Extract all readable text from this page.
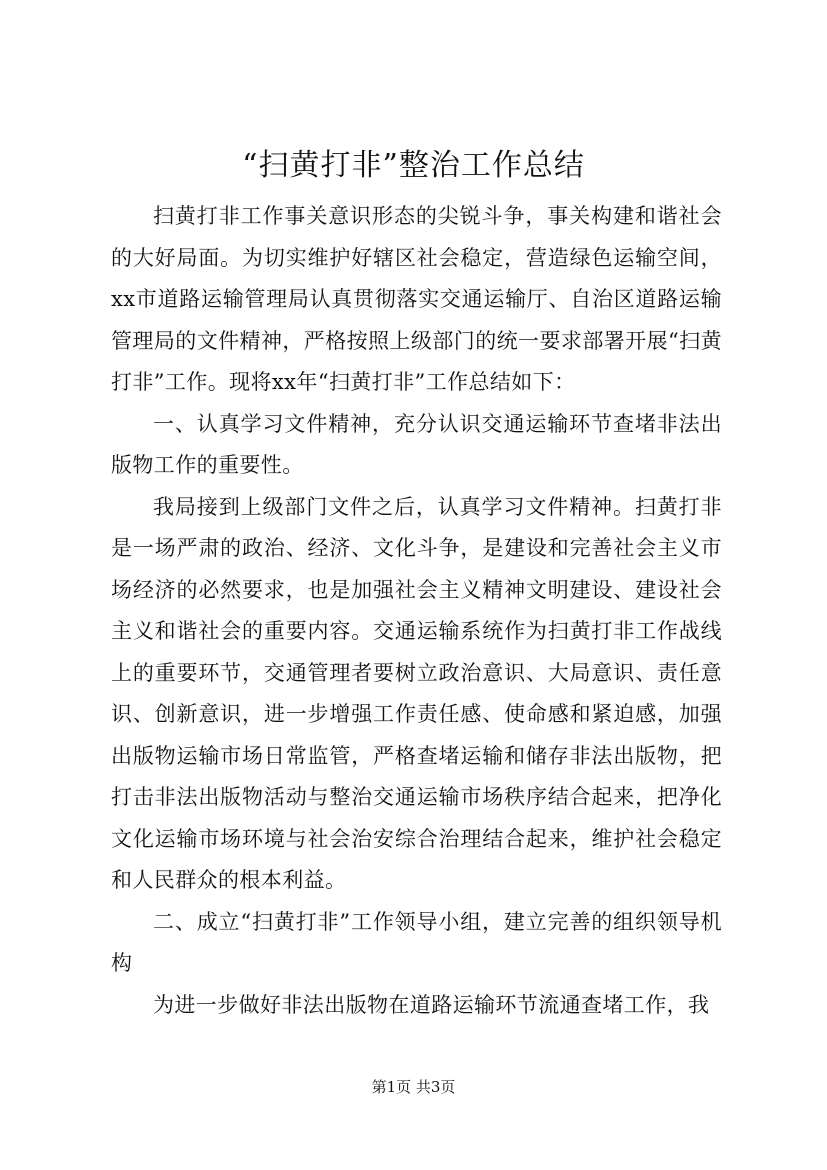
“扫黄打非”整治工作总结

扫黄打非工作事关意识形态的尖锐斗争，事关构建和谐社会的大好局面。为切实维护好辖区社会稳定，营造绿色运输空间，xx市道路运输管理局认真贯彻落实交通运输厅、自治区道路运输管理局的文件精神，严格按照上级部门的统一要求部署开展“扫黄打非”工作。现将xx年“扫黄打非”工作总结如下：

一、认真学习文件精神，充分认识交通运输环节查堵非法出版物工作的重要性。

我局接到上级部门文件之后，认真学习文件精神。扫黄打非是一场严肃的政治、经济、文化斗争，是建设和完善社会主义市场经济的必然要求，也是加强社会主义精神文明建设、建设社会主义和谐社会的重要内容。交通运输系统作为扫黄打非工作战线上的重要环节，交通管理者要树立政治意识、大局意识、责任意识、创新意识，进一步增强工作责任感、使命感和紧迫感，加强出版物运输市场日常监管，严格查堵运输和储存非法出版物，把打击非法出版物活动与整治交通运输市场秩序结合起来，把净化文化运输市场环境与社会治安综合治理结合起来，维护社会稳定和人民群众的根本利益。

二、成立“扫黄打非”工作领导小组，建立完善的组织领导机构

为进一步做好非法出版物在道路运输环节流通查堵工作，我

第1页 共3页
